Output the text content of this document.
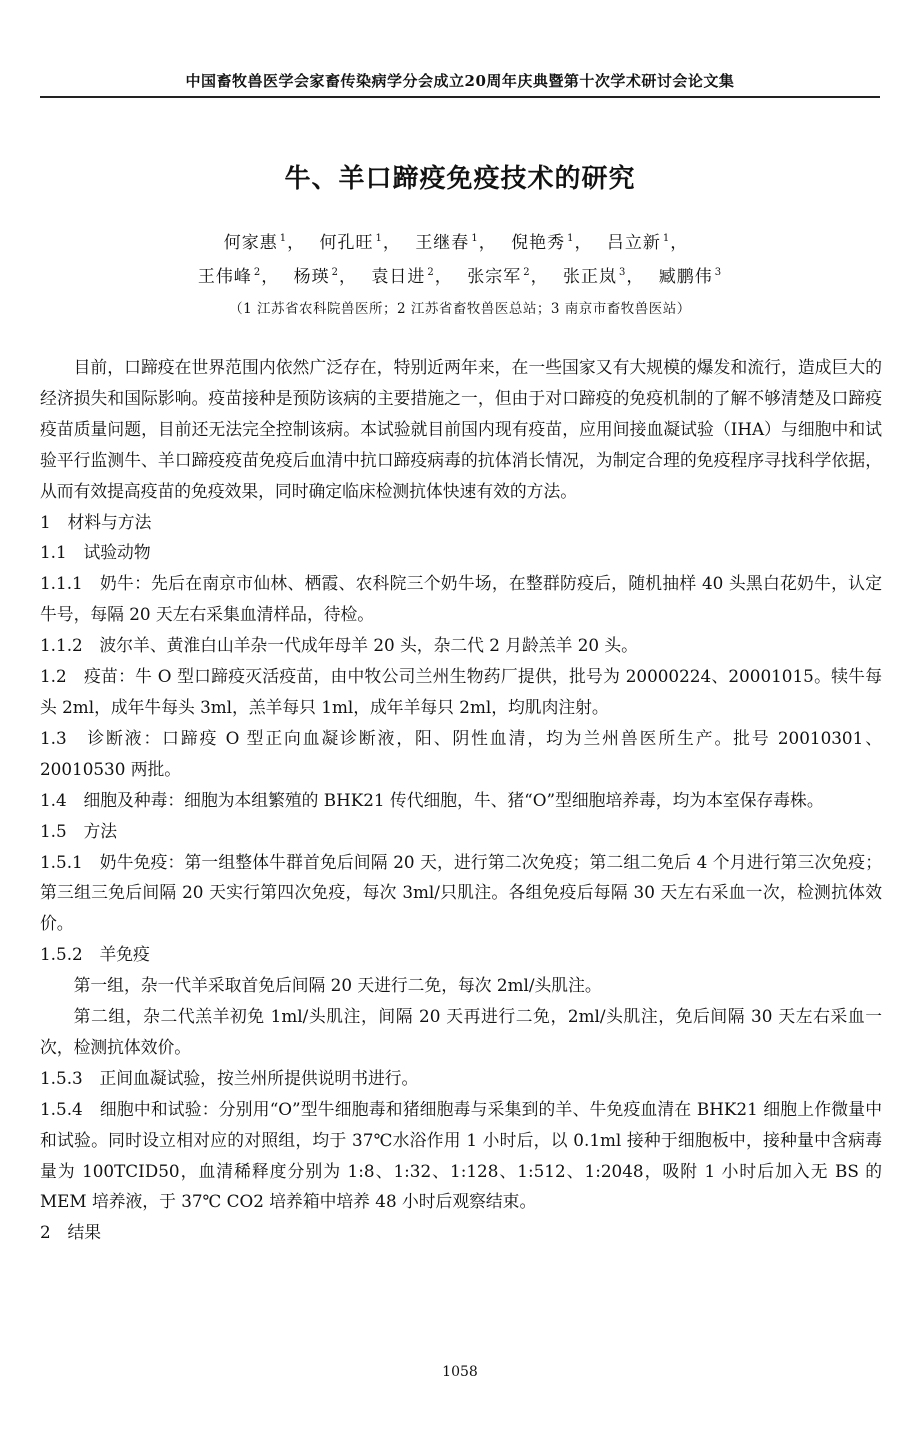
中国畜牧兽医学会家畜传染病学分会成立20周年庆典暨第十次学术研讨会论文集
牛、羊口蹄疫免疫技术的研究
何家惠 $^1$， 何孔旺 $^1$， 王继春 $^1$， 倪艳秀 $^1$， 吕立新 $^1$，
王伟峰 $^2$， 杨瑛 $^2$， 袁日进 $^2$， 张宗军 $^2$， 张正岚 $^3$， 臧鹏伟 $^3$
（1 江苏省农科院兽医所；2 江苏省畜牧兽医总站；3 南京市畜牧兽医站）

目前，口蹄疫在世界范围内依然广泛存在，特别近两年来，在一些国家又有大规模的爆发和流行，造成巨大的经济损失和国际影响。疫苗接种是预防该病的主要措施之一，但由于对口蹄疫的免疫机制的了解不够清楚及口蹄疫疫苗质量问题，目前还无法完全控制该病。本试验就目前国内现有疫苗，应用间接血凝试验（IHA）与细胞中和试验平行监测牛、羊口蹄疫疫苗免疫后血清中抗口蹄疫病毒的抗体消长情况，为制定合理的免疫程序寻找科学依据，从而有效提高疫苗的免疫效果，同时确定临床检测抗体快速有效的方法。

1　材料与方法

1.1　试验动物

1.1.1　奶牛：先后在南京市仙林、栖霞、农科院三个奶牛场，在整群防疫后，随机抽样 40 头黑白花奶牛，认定牛号，每隔 20 天左右采集血清样品，待检。

1.1.2　波尔羊、黄淮白山羊杂一代成年母羊 20 头，杂二代 2 月龄羔羊 20 头。

1.2　疫苗：牛 O 型口蹄疫灭活疫苗，由中牧公司兰州生物药厂提供，批号为 20000224、20001015。犊牛每头 2ml，成年牛每头 3ml，羔羊每只 1ml，成年羊每只 2ml，均肌肉注射。

1.3　诊断液：口蹄疫 O 型正向血凝诊断液，阳、阴性血清，均为兰州兽医所生产。批号 20010301、20010530 两批。

1.4　细胞及种毒：细胞为本组繁殖的 BHK21 传代细胞，牛、猪“O”型细胞培养毒，均为本室保存毒株。

1.5　方法

1.5.1　奶牛免疫：第一组整体牛群首免后间隔 20 天，进行第二次免疫；第二组二免后 4 个月进行第三次免疫；第三组三免后间隔 20 天实行第四次免疫，每次 3ml/只肌注。各组免疫后每隔 30 天左右采血一次，检测抗体效价。

1.5.2　羊免疫

第一组，杂一代羊采取首免后间隔 20 天进行二免，每次 2ml/头肌注。

第二组，杂二代羔羊初免 1ml/头肌注，间隔 20 天再进行二免，2ml/头肌注，免后间隔 30 天左右采血一次，检测抗体效价。

1.5.3　正间血凝试验，按兰州所提供说明书进行。

1.5.4　细胞中和试验：分别用“O”型牛细胞毒和猪细胞毒与采集到的羊、牛免疫血清在 BHK21 细胞上作微量中和试验。同时设立相对应的对照组，均于 37℃水浴作用 1 小时后，以 0.1ml 接种于细胞板中，接种量中含病毒量为 100TCID50，血清稀释度分别为 1:8、1:32、1:128、1:512、1:2048，吸附 1 小时后加入无 BS 的 MEM 培养液，于 37℃ CO2 培养箱中培养 48 小时后观察结束。

2　结果

1058
